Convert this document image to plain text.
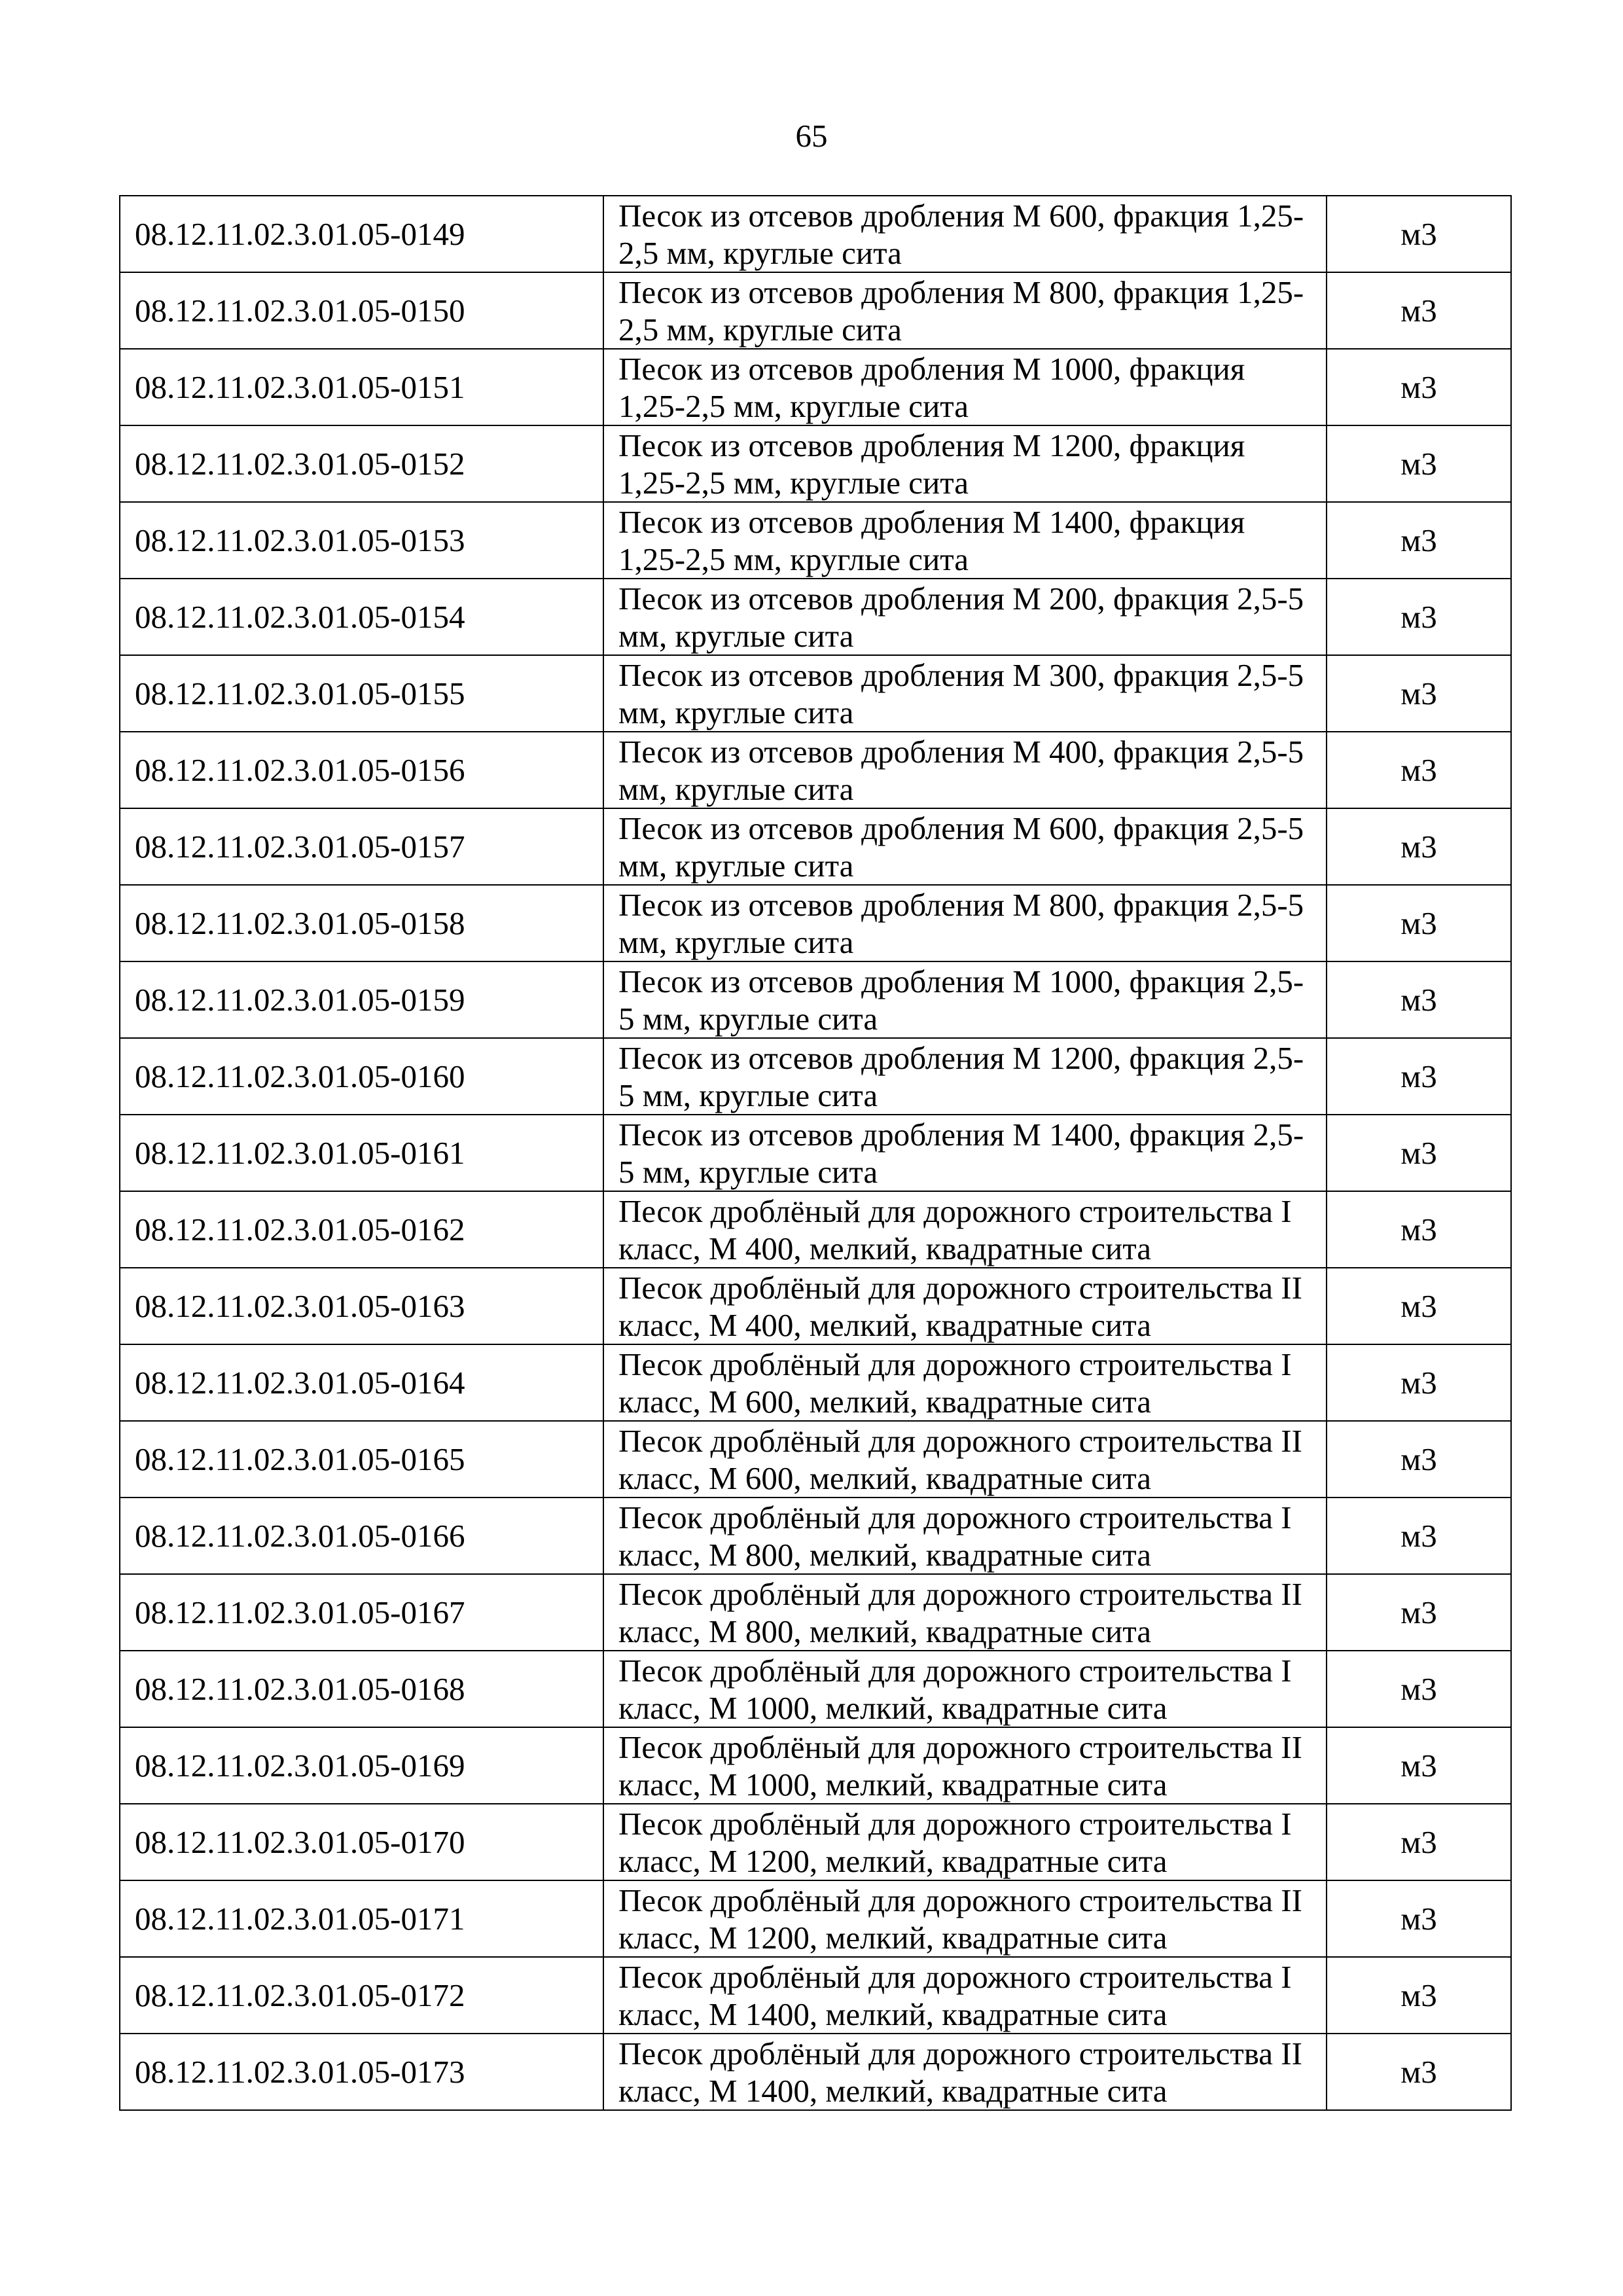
65
08.12.11.02.3.01.05-0149	Песок из отсевов дробления М 600, фракция 1,25-2,5 мм, круглые сита	м3
08.12.11.02.3.01.05-0150	Песок из отсевов дробления М 800, фракция 1,25-2,5 мм, круглые сита	м3
08.12.11.02.3.01.05-0151	Песок из отсевов дробления М 1000, фракция 1,25-2,5 мм, круглые сита	м3
08.12.11.02.3.01.05-0152	Песок из отсевов дробления М 1200, фракция 1,25-2,5 мм, круглые сита	м3
08.12.11.02.3.01.05-0153	Песок из отсевов дробления М 1400, фракция 1,25-2,5 мм, круглые сита	м3
08.12.11.02.3.01.05-0154	Песок из отсевов дробления М 200, фракция 2,5-5 мм, круглые сита	м3
08.12.11.02.3.01.05-0155	Песок из отсевов дробления М 300, фракция 2,5-5 мм, круглые сита	м3
08.12.11.02.3.01.05-0156	Песок из отсевов дробления М 400, фракция 2,5-5 мм, круглые сита	м3
08.12.11.02.3.01.05-0157	Песок из отсевов дробления М 600, фракция 2,5-5 мм, круглые сита	м3
08.12.11.02.3.01.05-0158	Песок из отсевов дробления М 800, фракция 2,5-5 мм, круглые сита	м3
08.12.11.02.3.01.05-0159	Песок из отсевов дробления М 1000, фракция 2,5-5 мм, круглые сита	м3
08.12.11.02.3.01.05-0160	Песок из отсевов дробления М 1200, фракция 2,5-5 мм, круглые сита	м3
08.12.11.02.3.01.05-0161	Песок из отсевов дробления М 1400, фракция 2,5-5 мм, круглые сита	м3
08.12.11.02.3.01.05-0162	Песок дроблёный для дорожного строительства I класс, М 400, мелкий, квадратные сита	м3
08.12.11.02.3.01.05-0163	Песок дроблёный для дорожного строительства II класс, М 400, мелкий, квадратные сита	м3
08.12.11.02.3.01.05-0164	Песок дроблёный для дорожного строительства I класс, М 600, мелкий, квадратные сита	м3
08.12.11.02.3.01.05-0165	Песок дроблёный для дорожного строительства II класс, М 600, мелкий, квадратные сита	м3
08.12.11.02.3.01.05-0166	Песок дроблёный для дорожного строительства I класс, М 800, мелкий, квадратные сита	м3
08.12.11.02.3.01.05-0167	Песок дроблёный для дорожного строительства II класс, М 800, мелкий, квадратные сита	м3
08.12.11.02.3.01.05-0168	Песок дроблёный для дорожного строительства I класс, М 1000, мелкий, квадратные сита	м3
08.12.11.02.3.01.05-0169	Песок дроблёный для дорожного строительства II класс, М 1000, мелкий, квадратные сита	м3
08.12.11.02.3.01.05-0170	Песок дроблёный для дорожного строительства I класс, М 1200, мелкий, квадратные сита	м3
08.12.11.02.3.01.05-0171	Песок дроблёный для дорожного строительства II класс, М 1200, мелкий, квадратные сита	м3
08.12.11.02.3.01.05-0172	Песок дроблёный для дорожного строительства I класс, М 1400, мелкий, квадратные сита	м3
08.12.11.02.3.01.05-0173	Песок дроблёный для дорожного строительства II класс, М 1400, мелкий, квадратные сита	м3
